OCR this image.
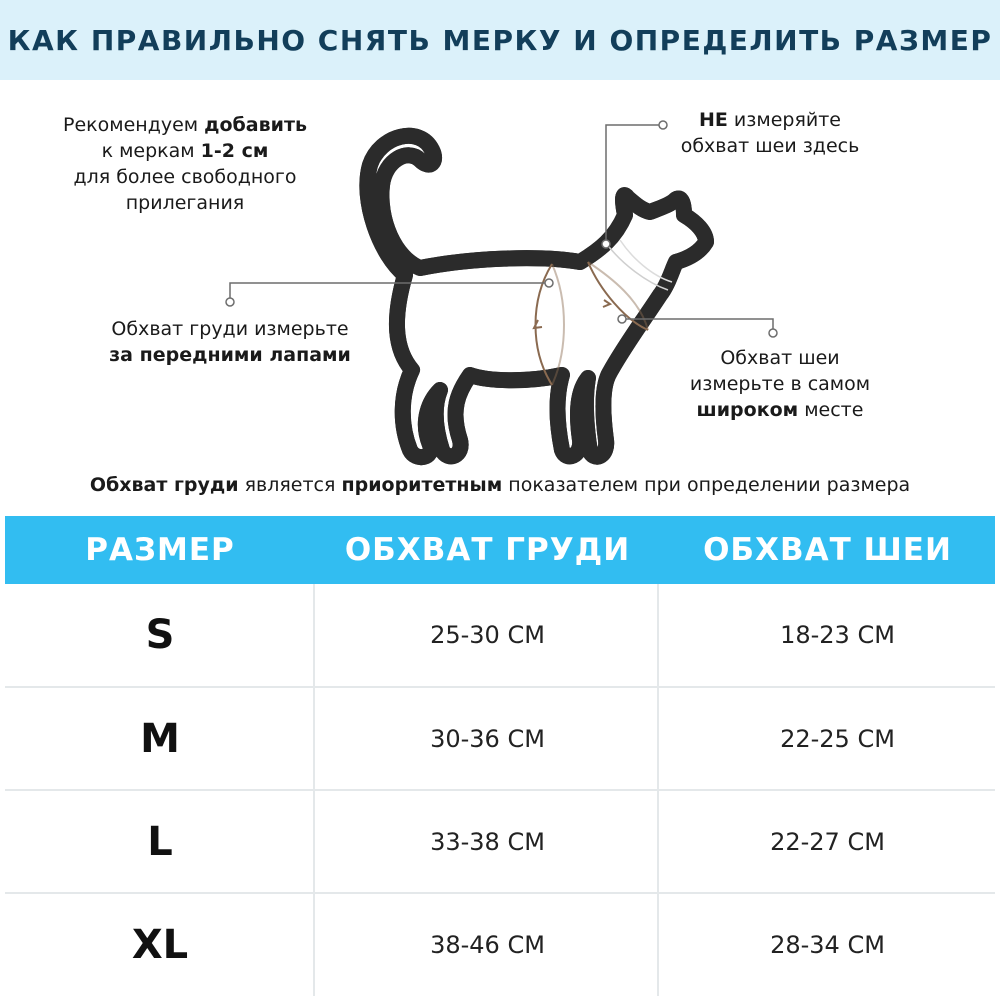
КАК ПРАВИЛЬНО СНЯТЬ МЕРКУ И ОПРЕДЕЛИТЬ РАЗМЕР
Рекомендуем добавить
к меркам 1-2 см
для более свободного
прилегания
НЕ измеряйте
обхват шеи здесь
Обхват груди измерьте
за передними лапами	Обхват шеи
измерьте в самом
широком месте
Обхват груди является приоритетным показателем при определении размера
РАЗМЕР	ОБХВАТ ГРУДИ	ОБХВАТ ШЕИ
S	25-30 СМ	18-23 СМ
M	30-36 СМ	22-25 СМ
L	33-38 СМ	22-27 СМ
XL	38-46 СМ	28-34 СМ
